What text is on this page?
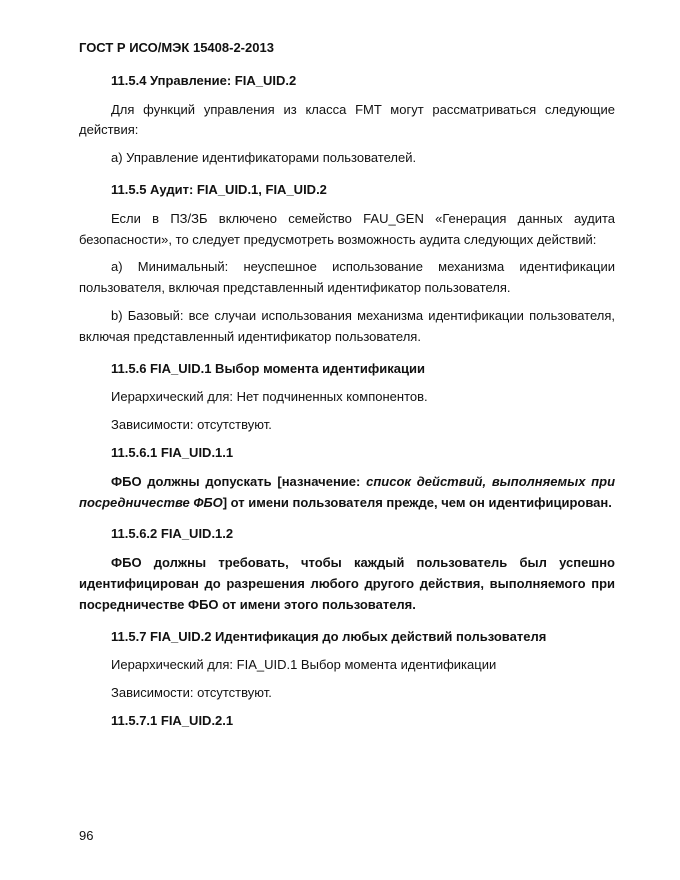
ГОСТ Р ИСО/МЭК 15408-2-2013
11.5.4 Управление: FIA_UID.2
Для функций управления из класса FMT могут рассматриваться следующие действия:
a) Управление идентификаторами пользователей.
11.5.5 Аудит: FIA_UID.1, FIA_UID.2
Если в ПЗ/ЗБ включено семейство FAU_GEN «Генерация данных аудита безопасности», то следует предусмотреть возможность аудита следующих действий:
a) Минимальный: неуспешное использование механизма идентификации пользователя, включая представленный идентификатор пользователя.
b) Базовый: все случаи использования механизма идентификации пользователя, включая представленный идентификатор пользователя.
11.5.6 FIA_UID.1 Выбор момента идентификации
Иерархический для: Нет подчиненных компонентов.
Зависимости: отсутствуют.
11.5.6.1 FIA_UID.1.1
ФБО должны допускать [назначение: список действий, выполняемых при посредничестве ФБО] от имени пользователя прежде, чем он идентифицирован.
11.5.6.2 FIA_UID.1.2
ФБО должны требовать, чтобы каждый пользователь был успешно идентифицирован до разрешения любого другого действия, выполняемого при посредничестве ФБО от имени этого пользователя.
11.5.7 FIA_UID.2 Идентификация до любых действий пользователя
Иерархический для: FIA_UID.1 Выбор момента идентификации
Зависимости: отсутствуют.
11.5.7.1 FIA_UID.2.1
96
